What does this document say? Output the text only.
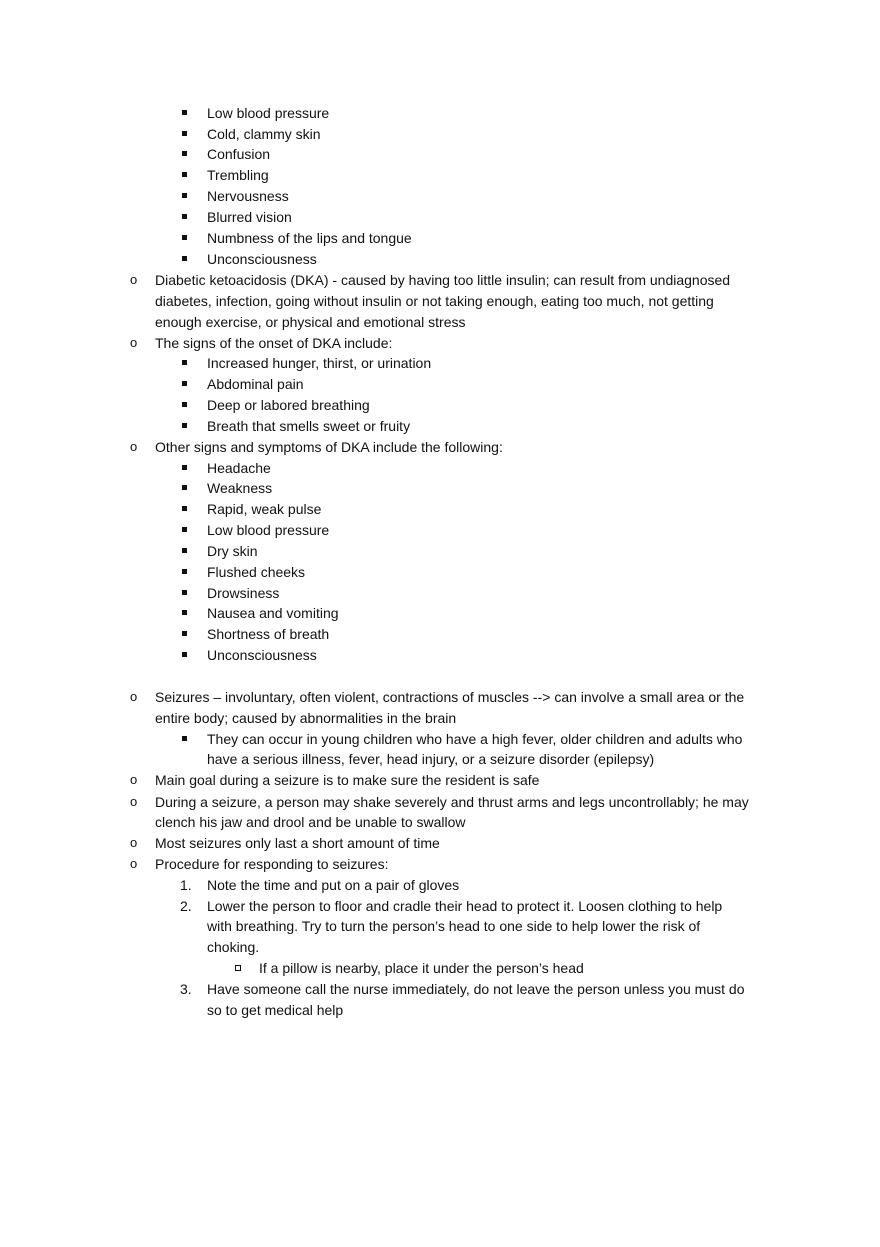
Low blood pressure
Cold, clammy skin
Confusion
Trembling
Nervousness
Blurred vision
Numbness of the lips and tongue
Unconsciousness
o Diabetic ketoacidosis (DKA) - caused by having too little insulin; can result from undiagnosed
diabetes, infection, going without insulin or not taking enough, eating too much, not getting
enough exercise, or physical and emotional stress
o The signs of the onset of DKA include:
Increased hunger, thirst, or urination
Abdominal pain
Deep or labored breathing
Breath that smells sweet or fruity
o Other signs and symptoms of DKA include the following:
Headache
Weakness
Rapid, weak pulse
Low blood pressure
Dry skin
Flushed cheeks
Drowsiness
Nausea and vomiting
Shortness of breath
Unconsciousness
o Seizures – involuntary, often violent, contractions of muscles --> can involve a small area or the
entire body; caused by abnormalities in the brain
They can occur in young children who have a high fever, older children and adults who
have a serious illness, fever, head injury, or a seizure disorder (epilepsy)
o Main goal during a seizure is to make sure the resident is safe
o During a seizure, a person may shake severely and thrust arms and legs uncontrollably; he may
clench his jaw and drool and be unable to swallow
o Most seizures only last a short amount of time
o Procedure for responding to seizures:
1. Note the time and put on a pair of gloves
2. Lower the person to floor and cradle their head to protect it. Loosen clothing to help
with breathing. Try to turn the person’s head to one side to help lower the risk of
choking.
If a pillow is nearby, place it under the person’s head
3. Have someone call the nurse immediately, do not leave the person unless you must do
so to get medical help
